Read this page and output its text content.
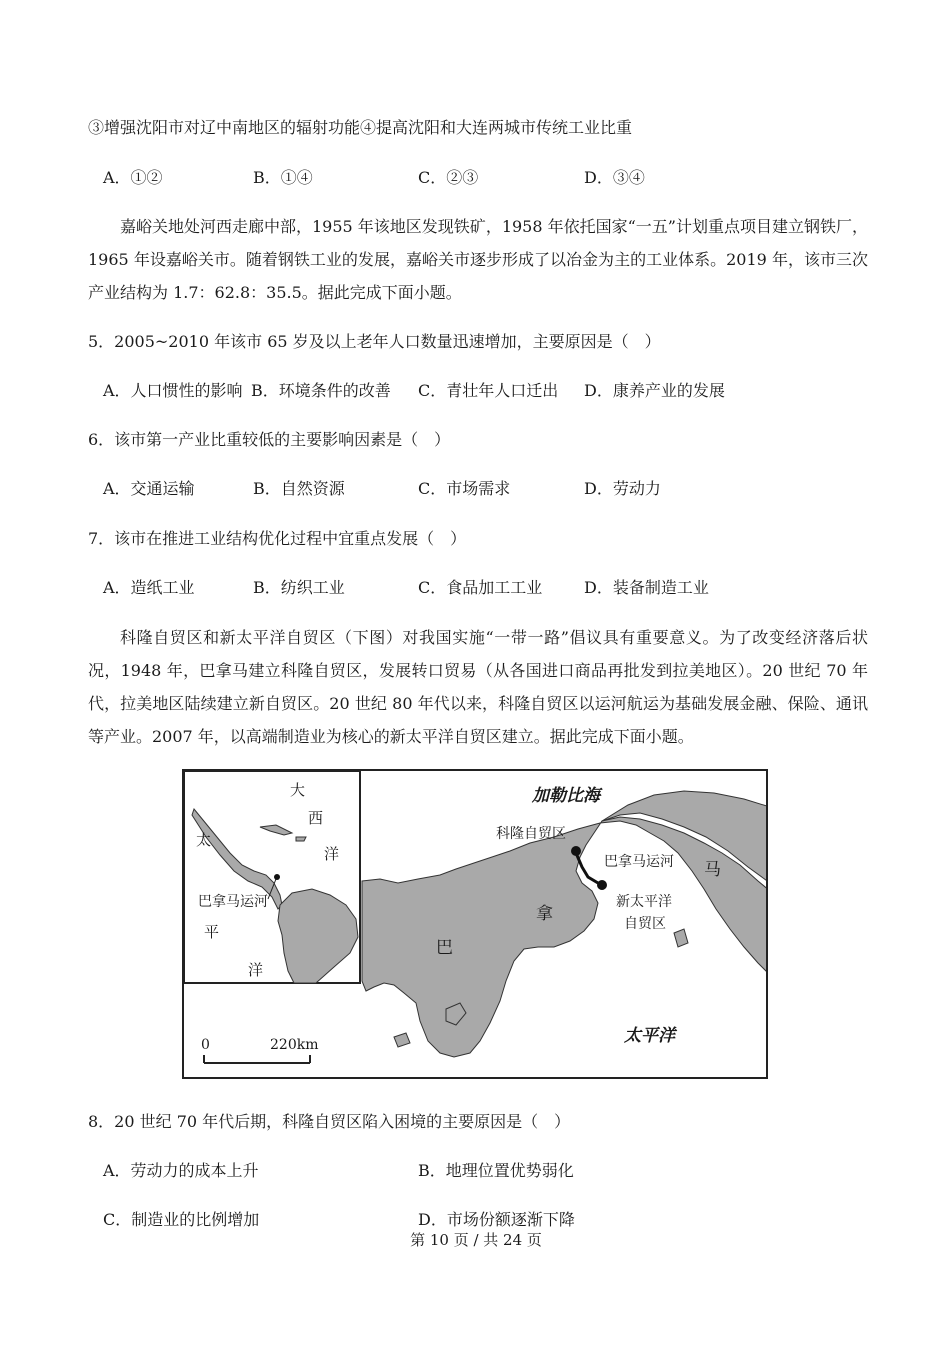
③增强沈阳市对辽中南地区的辐射功能④提高沈阳和大连两城市传统工业比重
A．①②	B．①④	C．②③	D．③④
嘉峪关地处河西走廊中部，1955 年该地区发现铁矿，1958 年依托国家“一五”计划重点项目建立钢铁厂，1965 年设嘉峪关市。随着钢铁工业的发展，嘉峪关市逐步形成了以冶金为主的工业体系。2019 年，该市三次产业结构为 1.7：62.8：35.5。据此完成下面小题。
5．2005~2010 年该市 65 岁及以上老年人口数量迅速增加，主要原因是（　）
A．人口惯性的影响 B．环境条件的改善 C．青壮年人口迁出 D．康养产业的发展
6．该市第一产业比重较低的主要影响因素是（　）
A．交通运输	B．自然资源	C．市场需求	D．劳动力
7．该市在推进工业结构优化过程中宜重点发展（　）
A．造纸工业	B．纺织工业	C．食品加工工业	D．装备制造工业
科隆自贸区和新太平洋自贸区（下图）对我国实施“一带一路”倡议具有重要意义。为了改变经济落后状况，1948 年，巴拿马建立科隆自贸区，发展转口贸易（从各国进口商品再批发到拉美地区）。20 世纪 70 年代，拉美地区陆续建立新自贸区。20 世纪 80 年代以来，科隆自贸区以运河航运为基础发展金融、保险、通讯等产业。2007 年，以高端制造业为核心的新太平洋自贸区建立。据此完成下面小题。
大
西
洋
太
平
洋
巴拿马运河
加勒比海
科隆自贸区
巴拿马运河 马
拿
巴
新太平洋
自贸区
太平洋
0	220km
8．20 世纪 70 年代后期，科隆自贸区陷入困境的主要原因是（　）
A．劳动力的成本上升	B．地理位置优势弱化
C．制造业的比例增加	D．市场份额逐渐下降
第 10 页 / 共 24 页
